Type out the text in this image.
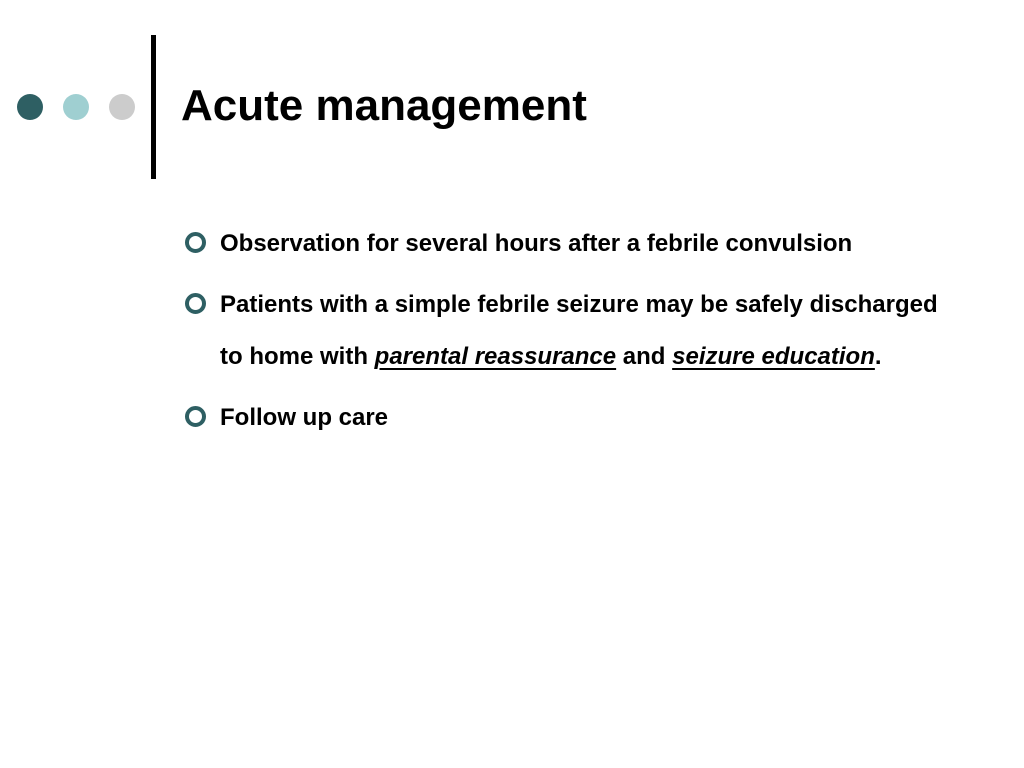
Acute management
Observation for several hours after a febrile convulsion
Patients with a simple febrile seizure may be safely discharged to home with parental reassurance and seizure education.
Follow up care
